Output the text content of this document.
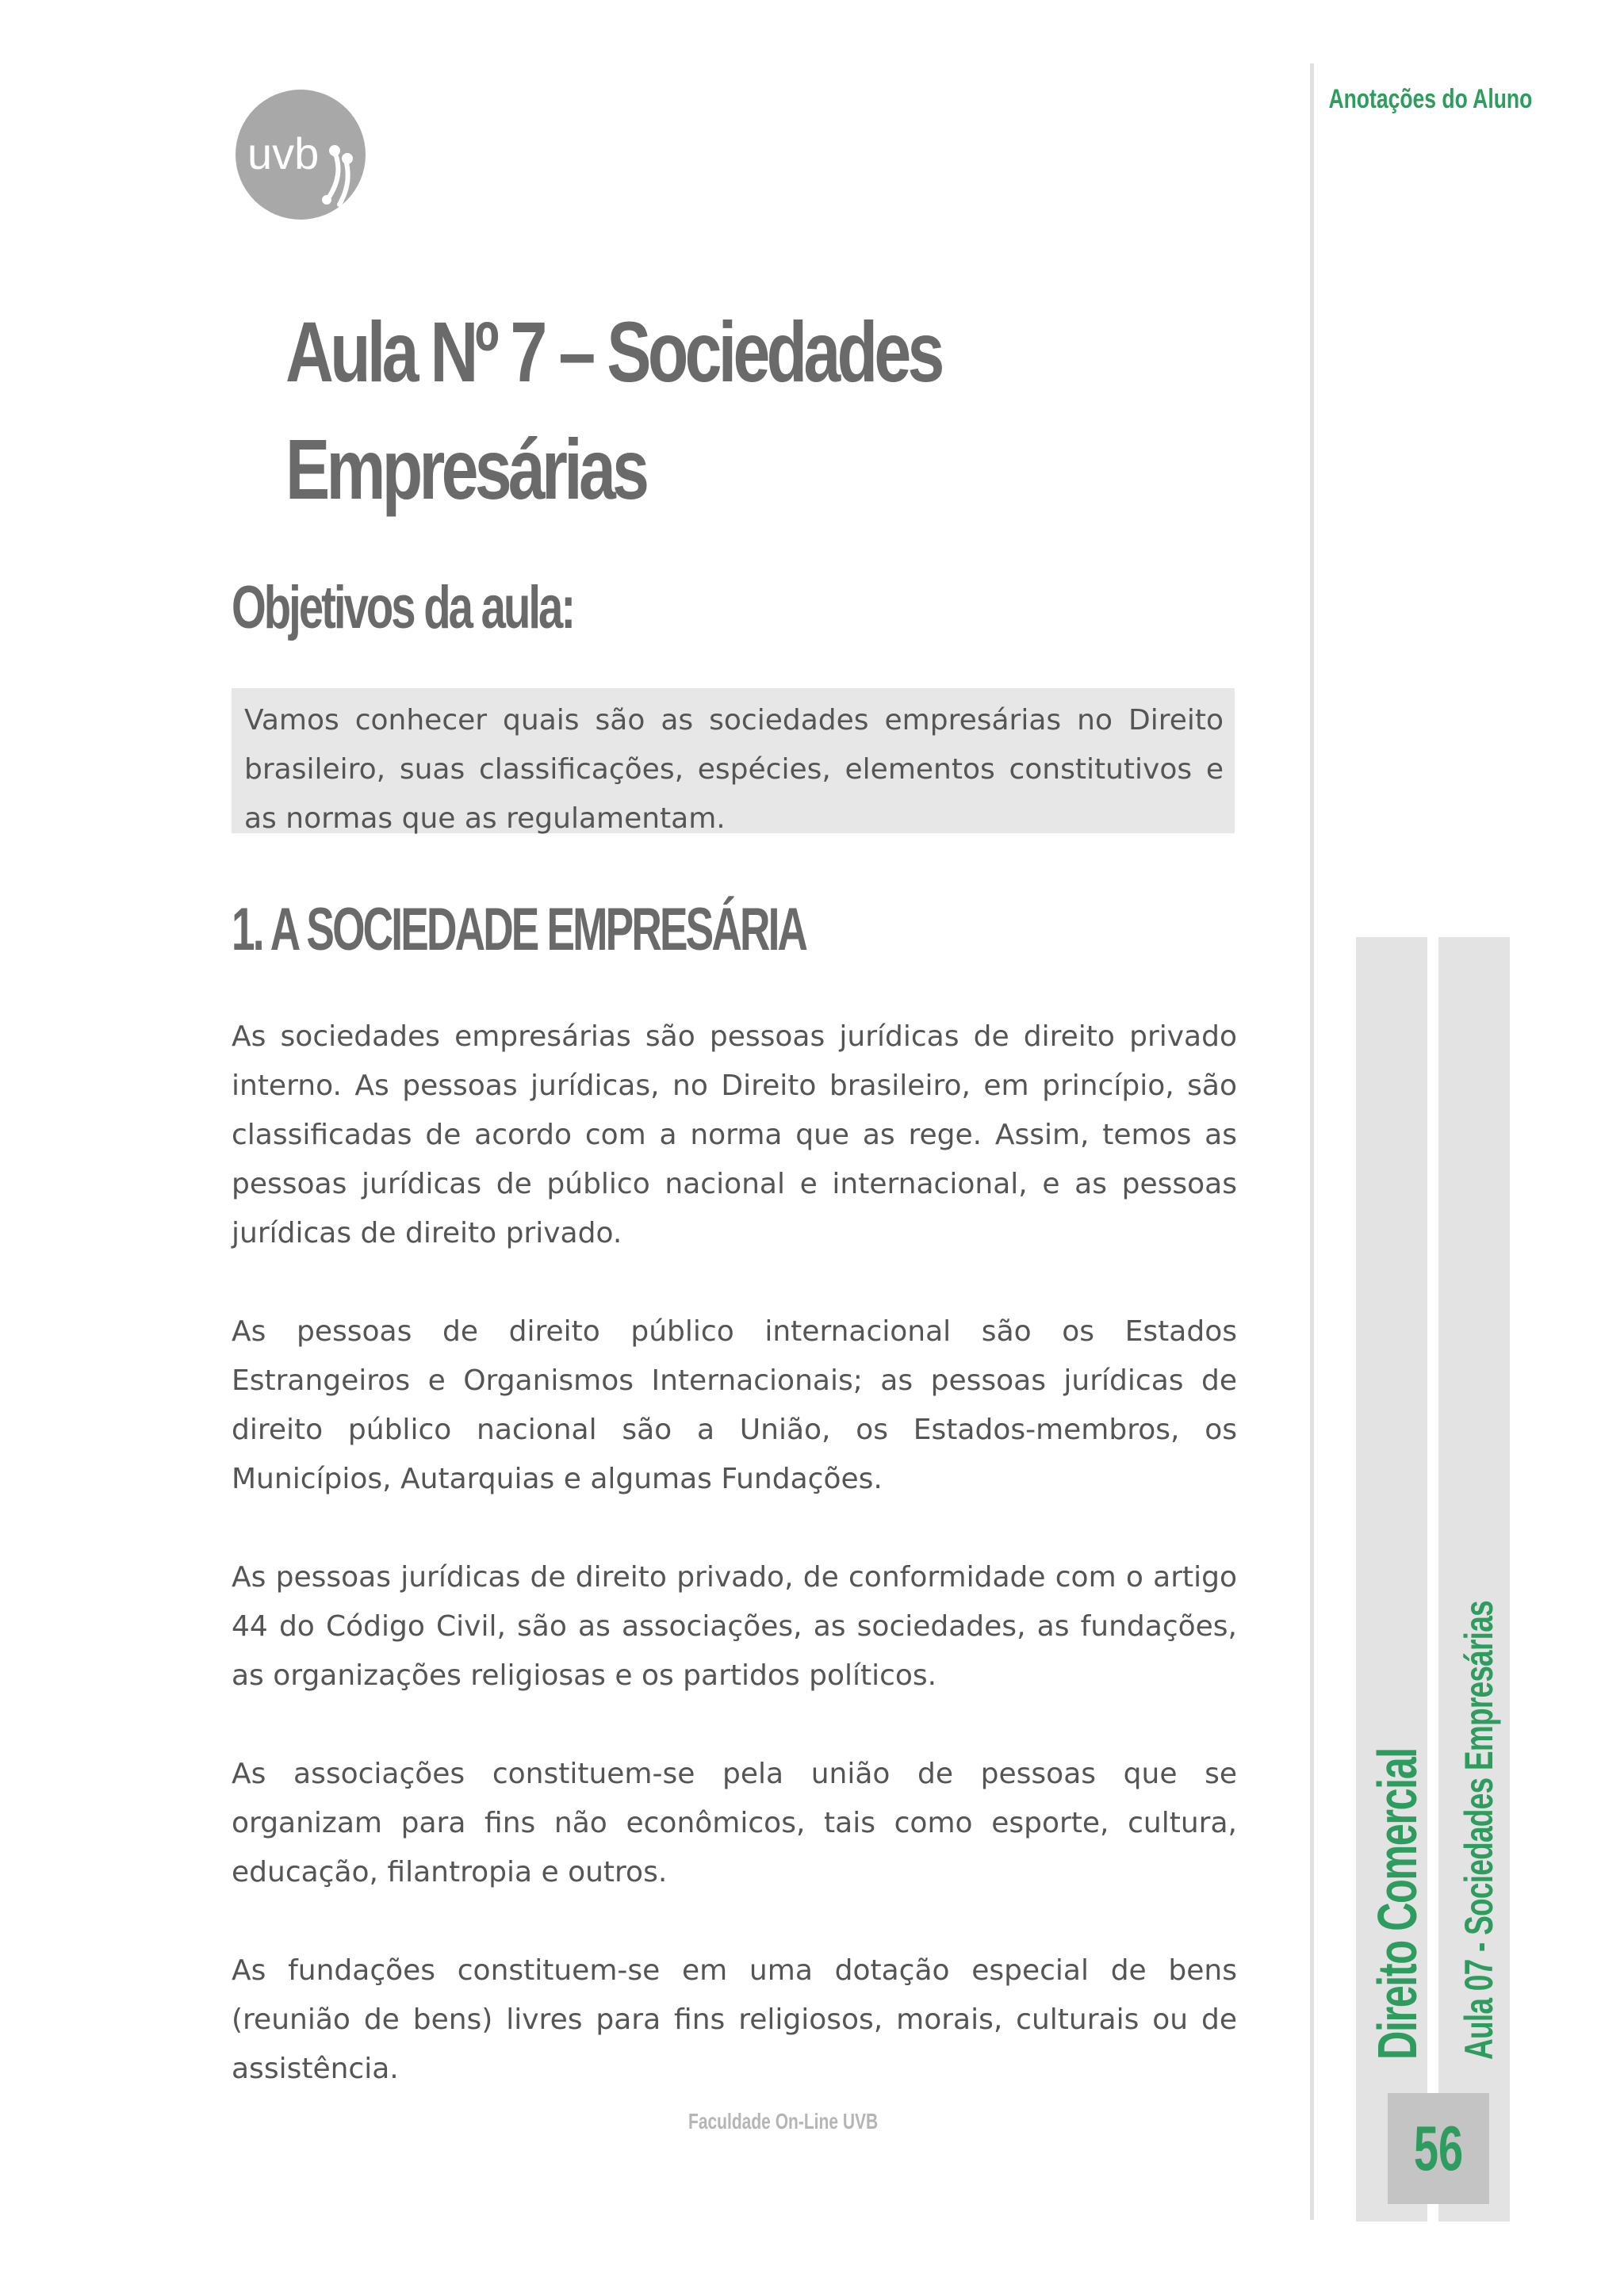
uvb
Aula Nº 7 – Sociedades
Empresárias
Objetivos da aula:
Vamos conhecer quais são as sociedades empresárias no Direito brasileiro, suas classificações, espécies, elementos constitutivos e as normas que as regulamentam.
1. A SOCIEDADE EMPRESÁRIA

As sociedades empresárias são pessoas jurídicas de direito privado interno. As pessoas jurídicas, no Direito brasileiro, em princípio, são classificadas de acordo com a norma que as rege. Assim, temos as pessoas jurídicas de público nacional e internacional, e as pessoas jurídicas de direito privado.

As pessoas de direito público internacional são os Estados Estrangeiros e Organismos Internacionais; as pessoas jurídicas de direito público nacional são a União, os Estados-membros, os Municípios, Autarquias e algumas Fundações.

As pessoas jurídicas de direito privado, de conformidade com o artigo 44 do Código Civil, são as associações, as sociedades, as fundações, as organizações religiosas e os partidos políticos.

As associações constituem-se pela união de pessoas que se organizam para fins não econômicos, tais como esporte, cultura, educação, filantropia e outros.

As fundações constituem-se em uma dotação especial de bens (reunião de bens) livres para fins religiosos, morais, culturais ou de assistência.

Faculdade On-Line UVB
Anotações do Aluno
Direito Comercial Aula 07 - Sociedades Empresárias
56
